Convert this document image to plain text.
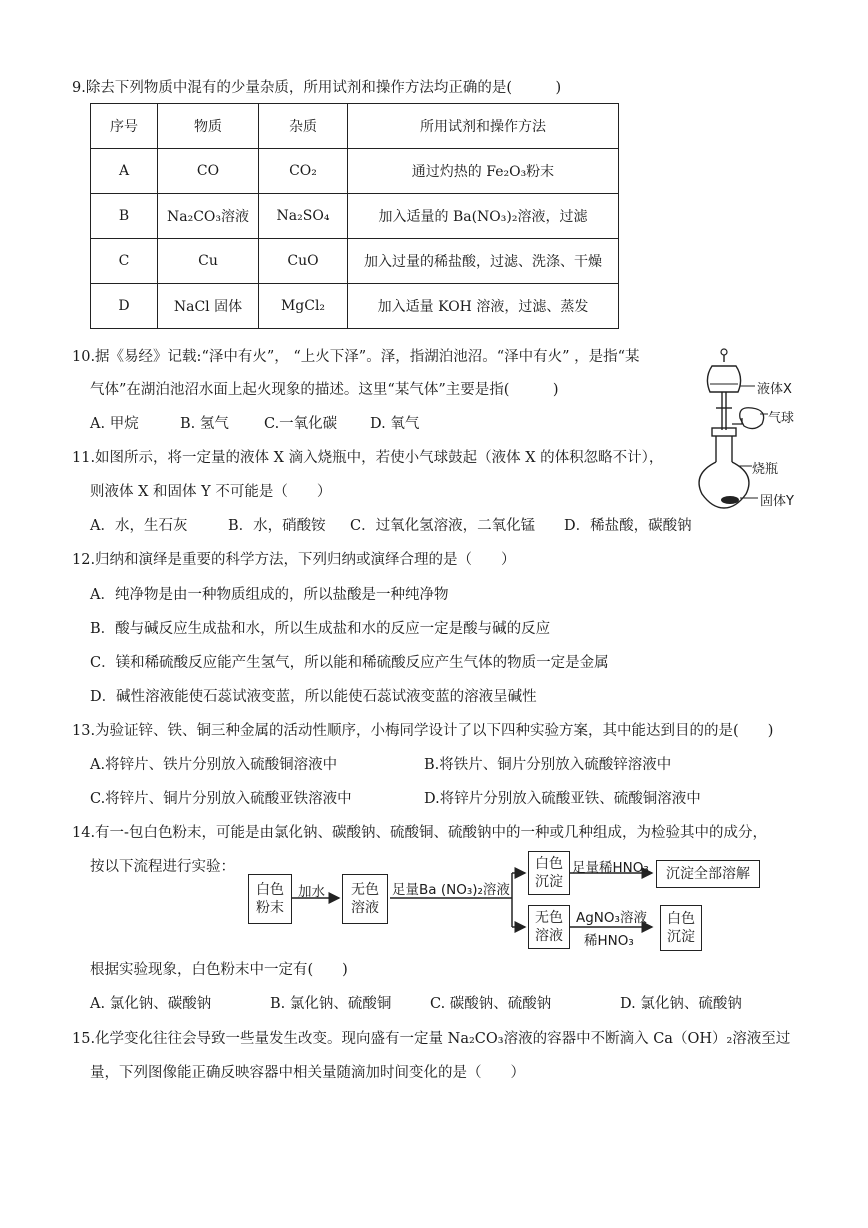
9.除去下列物质中混有的少量杂质，所用试剂和操作方法均正确的是(　　　)
序号	物质	杂质	所用试剂和操作方法
A	CO	CO₂	通过灼热的 Fe₂O₃粉末
B	Na₂CO₃溶液	Na₂SO₄	加入适量的 Ba(NO₃)₂溶液，过滤
C	Cu	CuO	加入过量的稀盐酸，过滤、洗涤、干燥
D	NaCl 固体	MgCl₂	加入适量 KOH 溶液，过滤、蒸发
10.据《易经》记载:“泽中有火”， “上火下泽”。泽，指湖泊池沼。“泽中有火” ，是指“某
气体”在湖泊池沼水面上起火现象的描述。这里“某气体”主要是指(　　　)
A. 甲烷	B. 氢气 C.一氧化碳 D. 氧气
液体X
气球
烧瓶
固体Y
11.如图所示，将一定量的液体 X 滴入烧瓶中，若使小气球鼓起（液体 X 的体积忽略不计），
则液体 X 和固体 Y 不可能是（　　）
A．水，生石灰	B．水，硝酸铵 C．过氧化氢溶液，二氧化锰 D．稀盐酸，碳酸钠
12.归纳和演绎是重要的科学方法，下列归纳或演绎合理的是（　　）
A．纯净物是由一种物质组成的，所以盐酸是一种纯净物
B．酸与碱反应生成盐和水，所以生成盐和水的反应一定是酸与碱的反应
C．镁和稀硫酸反应能产生氢气，所以能和稀硫酸反应产生气体的物质一定是金属
D．碱性溶液能使石蕊试液变蓝，所以能使石蕊试液变蓝的溶液呈碱性
13.为验证锌、铁、铜三种金属的活动性顺序，小梅同学设计了以下四种实验方案，其中能达到目的的是(　　)
A.将锌片、铁片分别放入硫酸铜溶液中	B.将铁片、铜片分别放入硫酸锌溶液中
C.将锌片、铜片分别放入硫酸亚铁溶液中	D.将锌片分别放入硫酸亚铁、硫酸铜溶液中
14.有一-包白色粉末，可能是由氯化钠、碳酸钠、硫酸铜、硫酸钠中的一种或几种组成，为检验其中的成分，
按以下流程进行实验：
白色
粉末
加水 无色
溶液
足量Ba (NO₃)₂溶液
白色
沉淀
足量稀HNO₃ 沉淀全部溶解
无色
溶液
AgNO₃溶液
稀HNO₃
白色
沉淀
根据实验现象，白色粉末中一定有(　　)
A. 氯化钠、碳酸钠	B. 氯化钠、硫酸铜	C. 碳酸钠、硫酸钠	D. 氯化钠、硫酸钠
15.化学变化往往会导致一些量发生改变。现向盛有一定量 Na₂CO₃溶液的容器中不断滴入 Ca（OH）₂溶液至过
量，下列图像能正确反映容器中相关量随滴加时间变化的是（　　）
